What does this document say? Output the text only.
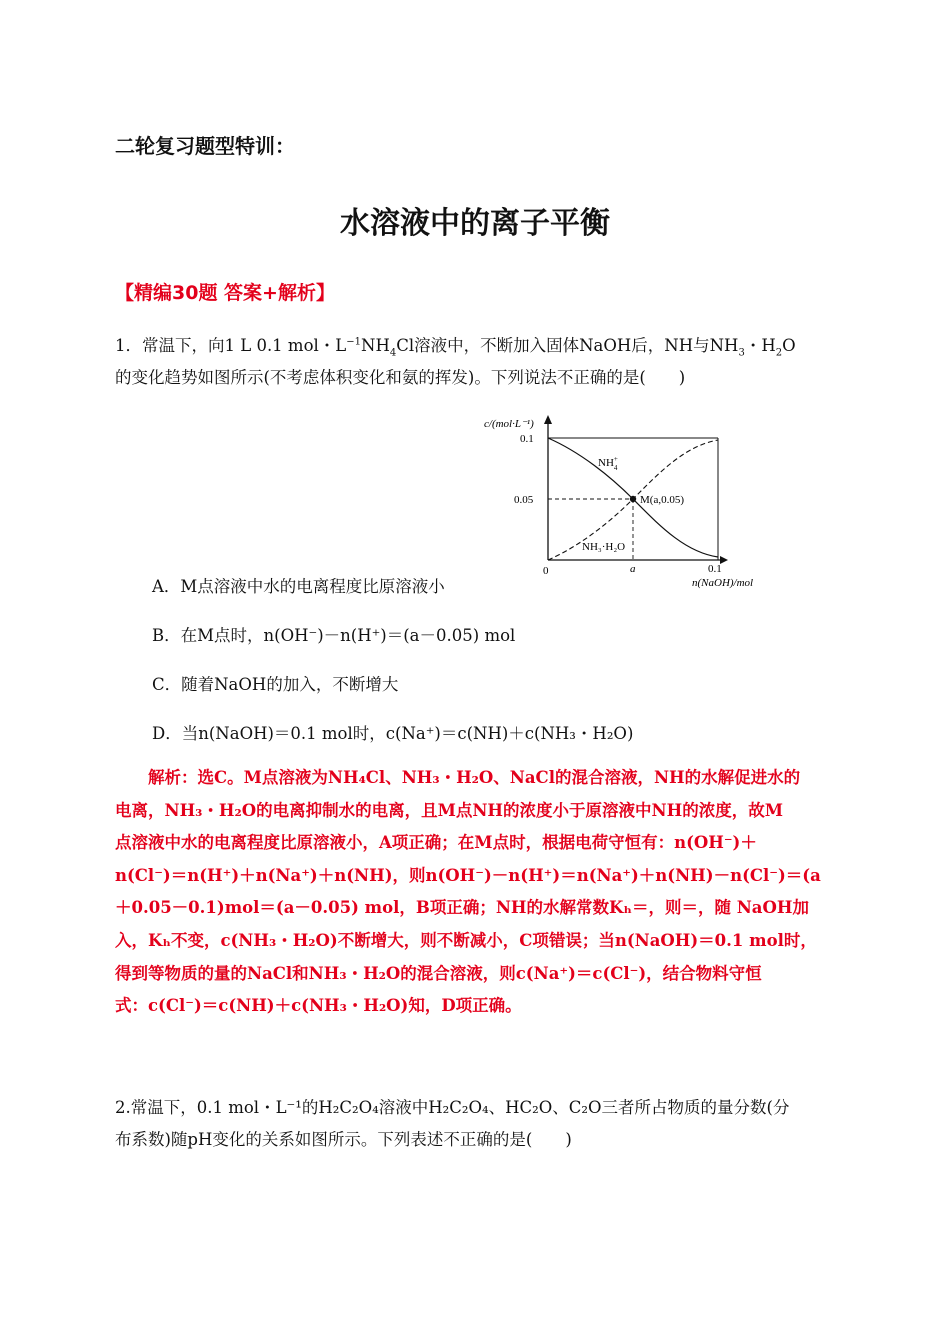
二轮复习题型特训：
水溶液中的离子平衡
【精编30题 答案+解析】
1．常温下，向1 L 0.1 mol・$L^{-1}NH_4Cl$溶液中，不断加入固体NaOH后，NH与$NH_3$・$H_2O$
的变化趋势如图所示(不考虑体积变化和氨的挥发)。下列说法不正确的是(　　)
c/(mol·L⁻¹)
0.1
0.05
0	a	0.1
n(NaOH)/mol
M(a,0.05)
NH+ 4
NH₃·H₂O
A．M点溶液中水的电离程度比原溶液小
B．在M点时，n(OH⁻)－n(H⁺)＝(a－0.05) mol
C．随着NaOH的加入，不断增大
D．当n(NaOH)＝0.1 mol时，c(Na⁺)＝c(NH)＋c(NH₃・H₂O)
解析：选C。M点溶液为NH₄Cl、NH₃・H₂O、NaCl的混合溶液，NH的水解促进水的
电离，NH₃・H₂O的电离抑制水的电离，且M点NH的浓度小于原溶液中NH的浓度，故M
点溶液中水的电离程度比原溶液小，A项正确；在M点时，根据电荷守恒有：n(OH⁻)＋
n(Cl⁻)＝n(H⁺)＋n(Na⁺)＋n(NH)，则n(OH⁻)－n(H⁺)＝n(Na⁺)＋n(NH)－n(Cl⁻)＝(a
＋0.05－0.1)mol＝(a－0.05) mol，B项正确；NH的水解常数Kₕ＝，则＝，随 NaOH加
入，Kₕ不变，c(NH₃・H₂O)不断增大，则不断减小，C项错误；当n(NaOH)＝0.1 mol时，
得到等物质的量的NaCl和NH₃・H₂O的混合溶液，则c(Na⁺)＝c(Cl⁻)，结合物料守恒
式：c(Cl⁻)＝c(NH)＋c(NH₃・H₂O)知，D项正确。
2.常温下，0.1 mol・L⁻¹的H₂C₂O₄溶液中H₂C₂O₄、HC₂O、C₂O三者所占物质的量分数(分
布系数)随pH变化的关系如图所示。下列表述不正确的是(　　)
